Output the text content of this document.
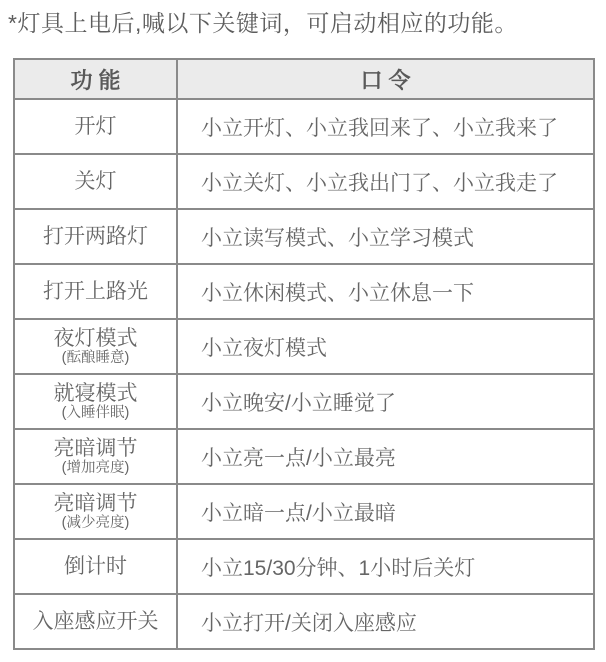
*灯具上电后,喊以下关键词，可启动相应的功能。
功 能	口 令

开灯	小立开灯、小立我回来了、小立我来了

关灯	小立关灯、小立我出门了、小立我走了

打开两路灯	小立读写模式、小立学习模式

打开上路光	小立休闲模式、小立休息一下

夜灯模式
(酝酿睡意)	小立夜灯模式

就寝模式
(入睡伴眠)	小立晚安/小立睡觉了

亮暗调节
(增加亮度)	小立亮一点/小立最亮

亮暗调节
(减少亮度)	小立暗一点/小立最暗

倒计时	小立15/30分钟、1小时后关灯

入座感应开关	小立打开/关闭入座感应
